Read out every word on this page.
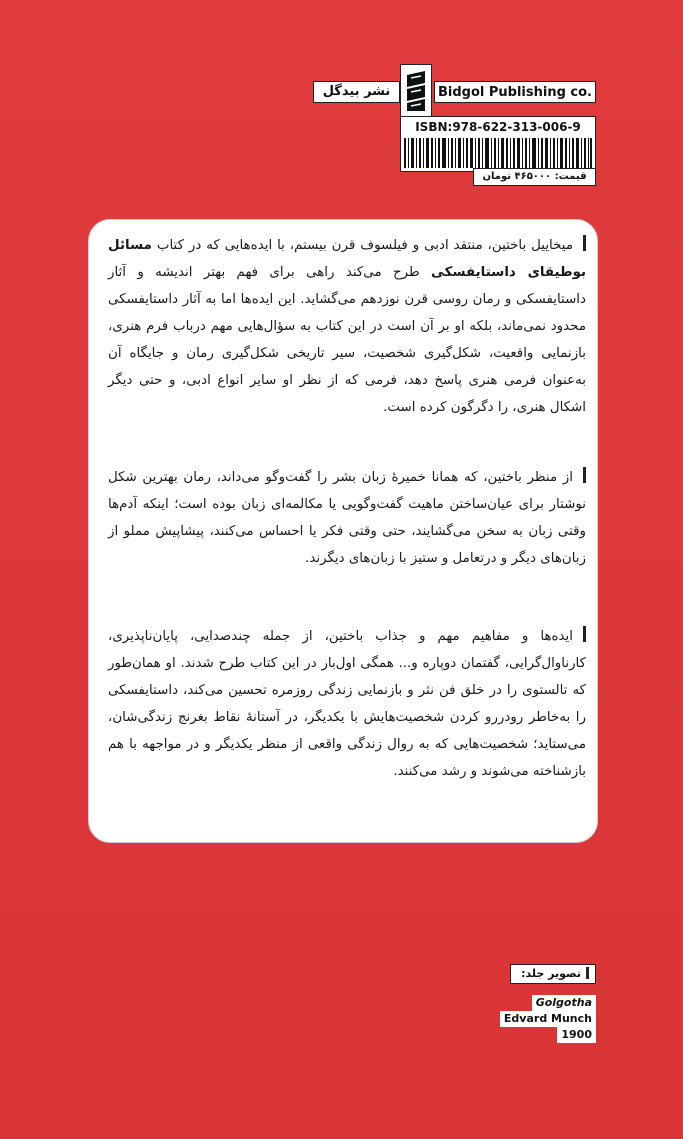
Bidgol Publishing co.
نشر بیدگل
ISBN:978-622-313-006-9
قیمت: ۴۶۵۰۰۰ تومان

میخاییل باختین، منتقد ادبی و فیلسوف قرن بیستم، با ایده‌هایی که در کتاب مسائل بوطیقای داستایفسکی طرح می‌کند راهی برای فهم بهتر اندیشه و آثار داستایفسکی و رمان روسی قرن نوزدهم می‌گشاید. این ایده‌ها اما به آثار داستایفسکی محدود نمی‌ماند، بلکه او بر آن است در این کتاب به سؤال‌هایی مهم درباب فرم هنری، بازنمایی واقعیت، شکل‌گیری شخصیت، سیر تاریخی شکل‌گیری رمان و جایگاه آن به‌عنوان فرمی هنری پاسخ دهد، فرمی که از نظر او سایر انواع ادبی، و حتی دیگر اشکال هنری، را دگرگون کرده است.

از منظر باختین، که همانا خمیرهٔ زبان بشر را گفت‌وگو می‌داند، رمان بهترین شکل نوشتار برای عیان‌ساختن ماهیت گفت‌وگویی یا مکالمه‌ای زبان بوده است؛ اینکه آدم‌ها وقتی زبان به سخن می‌گشایند، حتی وقتی فکر یا احساس می‌کنند، پیشاپیش مملو از زبان‌های دیگر و درتعامل و ستیز با زبان‌های دیگرند.

ایده‌ها و مفاهیم مهم و جذاب باختین، از جمله چندصدایی، پایان‌ناپذیری، کارناوال‌گرایی، گفتمان دوپاره و... همگی اول‌بار در این کتاب طرح شدند. او همان‌طور که تالستوی را در خلق فن نثر و بازنمایی زندگی روزمره تحسین می‌کند، داستایفسکی را به‌خاطر رودررو کردن شخصیت‌هایش با یکدیگر، در آستانهٔ نقاط بغرنج زندگی‌شان، می‌ستاید؛ شخصیت‌هایی که به روال زندگی واقعی از منظر یکدیگر و در مواجهه با هم بازشناخته می‌شوند و رشد می‌کنند.

تصویر جلد:
Golgotha
Edvard Munch
1900
